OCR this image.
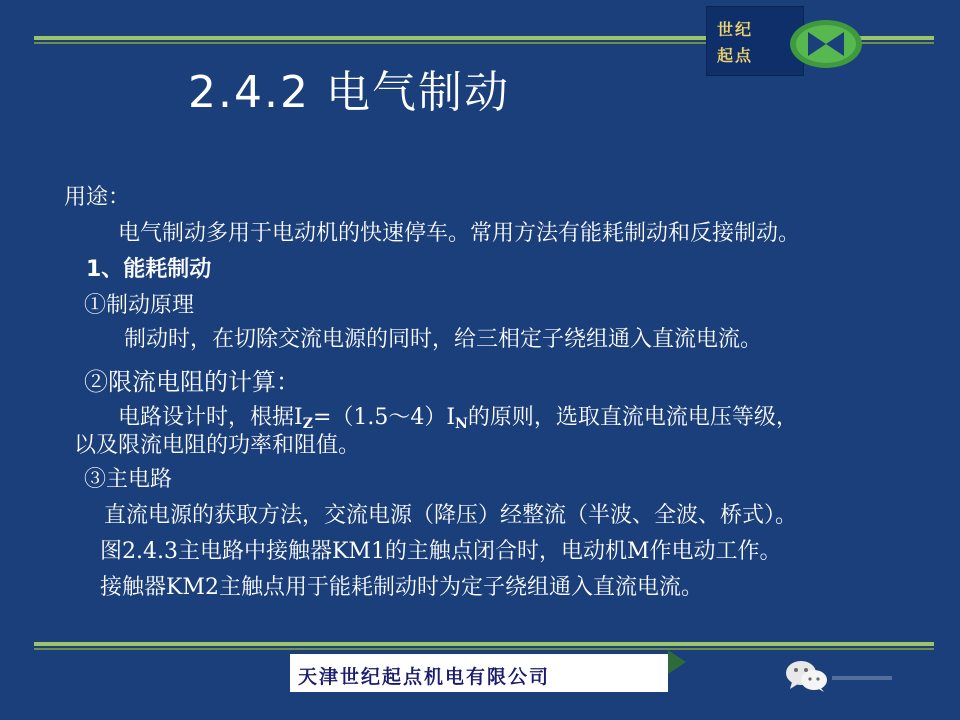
世纪
起点
2.4.2 电气制动
用途：
电气制动多用于电动机的快速停车。常用方法有能耗制动和反接制动。
1、能耗制动
①制动原理
制动时，在切除交流电源的同时，给三相定子绕组通入直流电流。
②限流电阻的计算：
电路设计时，根据$I_Z=(1.5\sim 4)I_N$的原则，选取直流电流电压等级，
以及限流电阻的功率和阻值。
③主电路
直流电源的获取方法，交流电源（降压）经整流（半波、全波、桥式）。
图2.4.3主电路中接触器KM1的主触点闭合时，电动机M作电动工作。
接触器KM2主触点用于能耗制动时为定子绕组通入直流电流。
天津世纪起点机电有限公司
